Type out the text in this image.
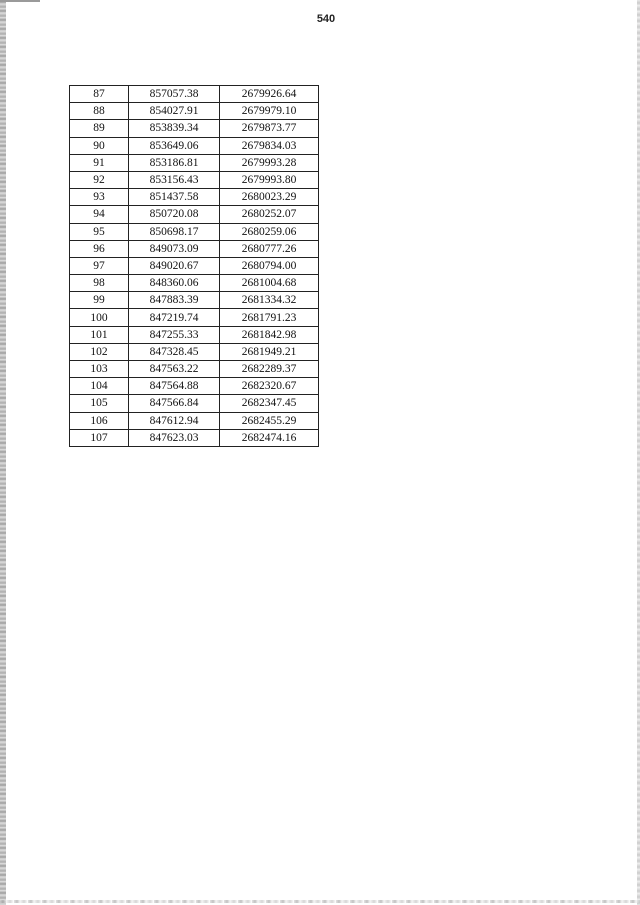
540
87	857057.38	2679926.64
88	854027.91	2679979.10
89	853839.34	2679873.77
90	853649.06	2679834.03
91	853186.81	2679993.28
92	853156.43	2679993.80
93	851437.58	2680023.29
94	850720.08	2680252.07
95	850698.17	2680259.06
96	849073.09	2680777.26
97	849020.67	2680794.00
98	848360.06	2681004.68
99	847883.39	2681334.32
100	847219.74	2681791.23
101	847255.33	2681842.98
102	847328.45	2681949.21
103	847563.22	2682289.37
104	847564.88	2682320.67
105	847566.84	2682347.45
106	847612.94	2682455.29
107	847623.03	2682474.16
